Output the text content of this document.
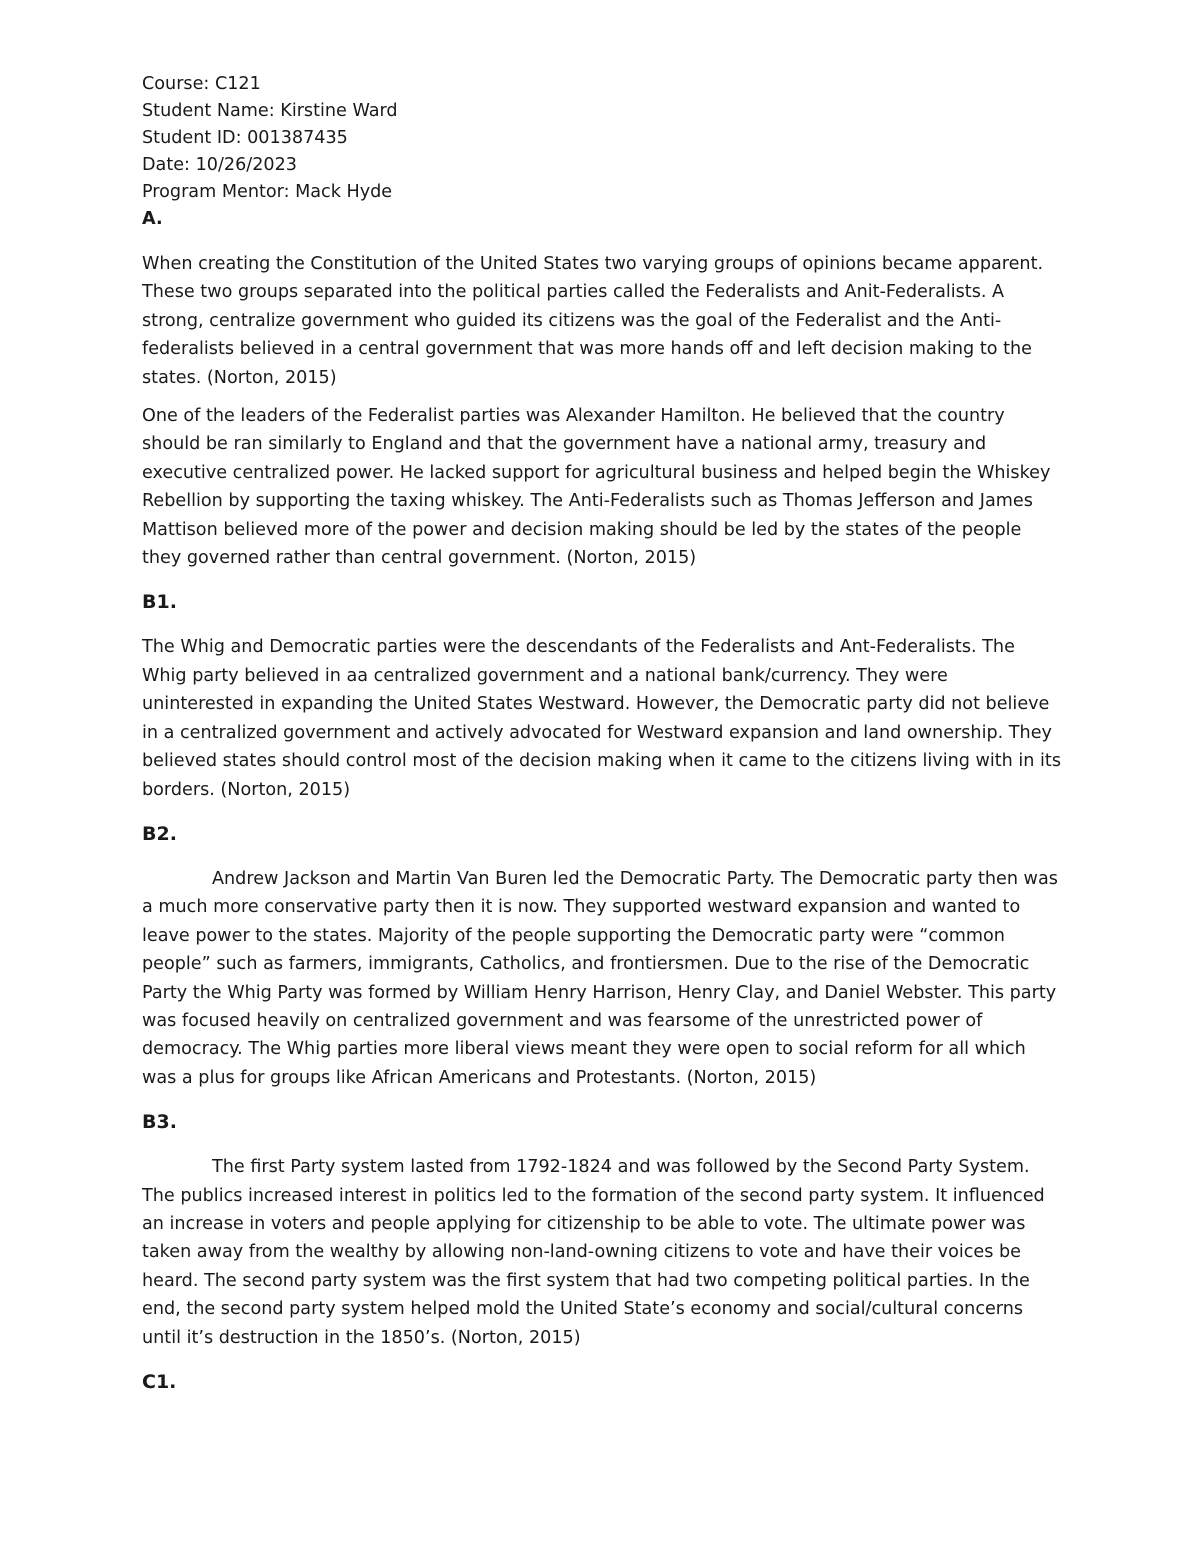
Course: C121
Student Name: Kirstine Ward
Student ID: 001387435
Date: 10/26/2023
Program Mentor: Mack Hyde
A.

When creating the Constitution of the United States two varying groups of opinions became apparent. These two groups separated into the political parties called the Federalists and Anit-Federalists. A strong, centralize government who guided its citizens was the goal of the Federalist and the Anti-federalists believed in a central government that was more hands off and left decision making to the states. (Norton, 2015)

One of the leaders of the Federalist parties was Alexander Hamilton. He believed that the country should be ran similarly to England and that the government have a national army, treasury and executive centralized power. He lacked support for agricultural business and helped begin the Whiskey Rebellion by supporting the taxing whiskey. The Anti-Federalists such as Thomas Jefferson and James Mattison believed more of the power and decision making should be led by the states of the people they governed rather than central government. (Norton, 2015)

B1.

The Whig and Democratic parties were the descendants of the Federalists and Ant-Federalists. The Whig party believed in aa centralized government and a national bank/currency. They were uninterested in expanding the United States Westward. However, the Democratic party did not believe in a centralized government and actively advocated for Westward expansion and land ownership. They believed states should control most of the decision making when it came to the citizens living with in its borders. (Norton, 2015)

B2.

Andrew Jackson and Martin Van Buren led the Democratic Party. The Democratic party then was a much more conservative party then it is now. They supported westward expansion and wanted to leave power to the states. Majority of the people supporting the Democratic party were “common people” such as farmers, immigrants, Catholics, and frontiersmen. Due to the rise of the Democratic Party the Whig Party was formed by William Henry Harrison, Henry Clay, and Daniel Webster. This party was focused heavily on centralized government and was fearsome of the unrestricted power of democracy. The Whig parties more liberal views meant they were open to social reform for all which was a plus for groups like African Americans and Protestants. (Norton, 2015)

B3.

The first Party system lasted from 1792-1824 and was followed by the Second Party System. The publics increased interest in politics led to the formation of the second party system. It influenced an increase in voters and people applying for citizenship to be able to vote. The ultimate power was taken away from the wealthy by allowing non-land-owning citizens to vote and have their voices be heard. The second party system was the first system that had two competing political parties. In the end, the second party system helped mold the United State’s economy and social/cultural concerns until it’s destruction in the 1850’s. (Norton, 2015)

C1.
